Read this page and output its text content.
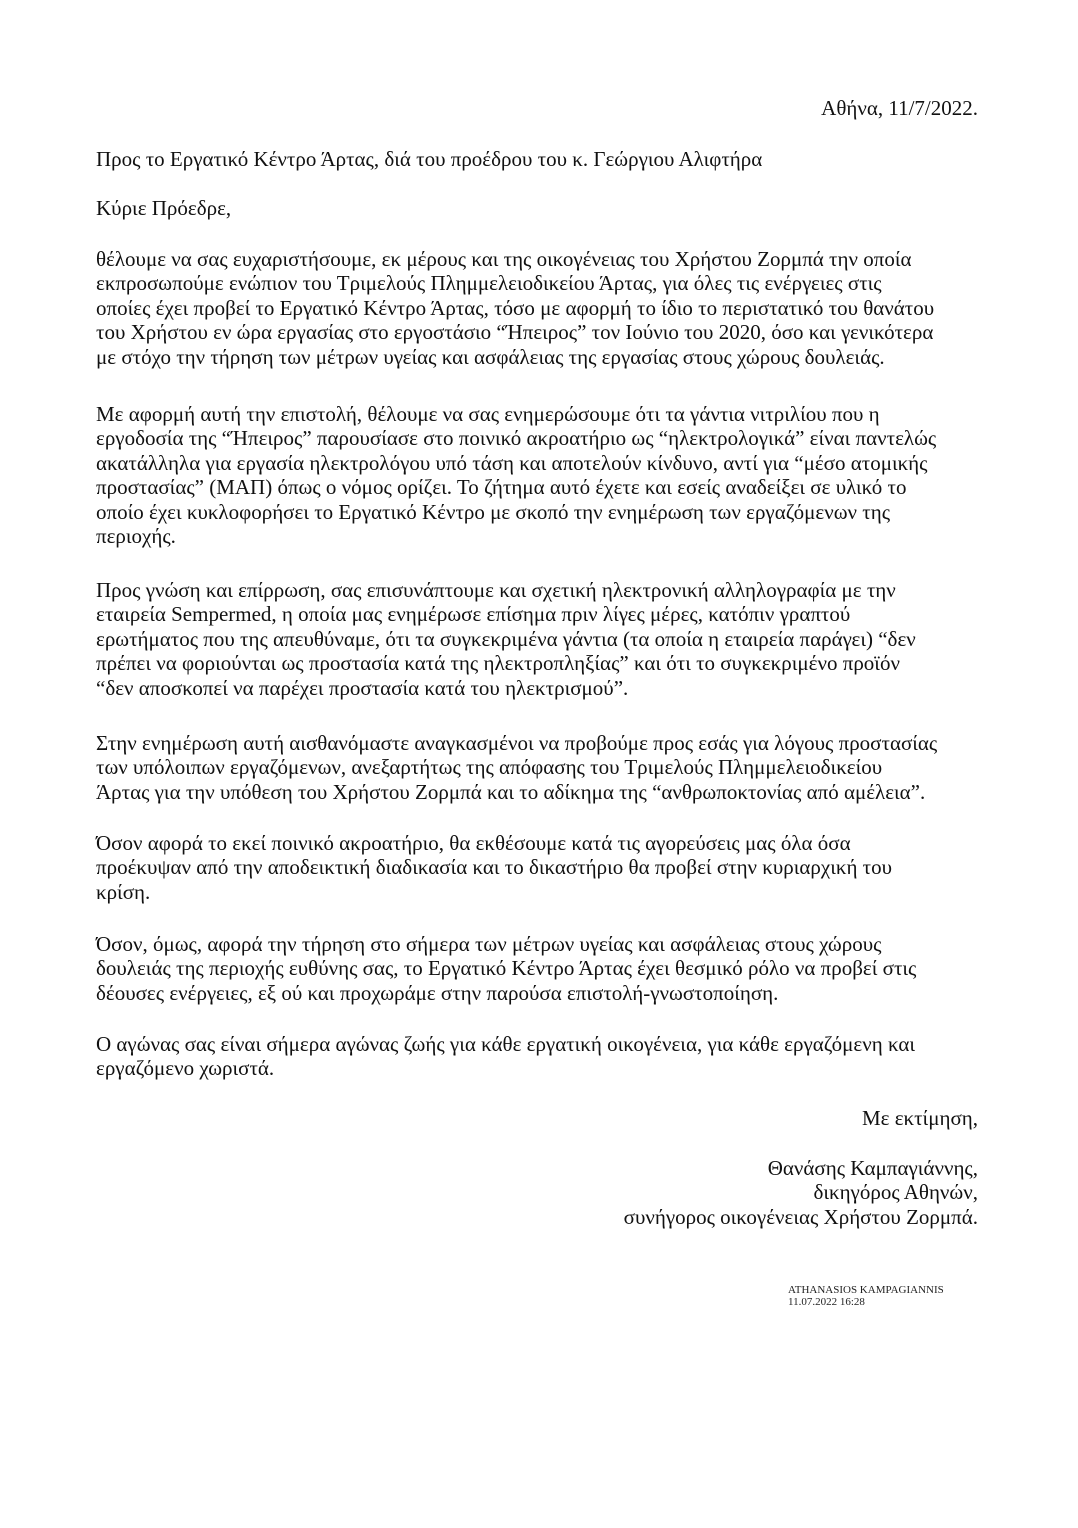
Αθήνα, 11/7/2022.
Προς το Εργατικό Κέντρο Άρτας, διά του προέδρου του κ. Γεώργιου Αλιφτήρα
Κύριε Πρόεδρε,
θέλουμε να σας ευχαριστήσουμε, εκ μέρους και της οικογένειας του Χρήστου Ζορμπά την οποία
εκπροσωπούμε ενώπιον του Τριμελούς Πλημμελειοδικείου Άρτας, για όλες τις ενέργειες στις
οποίες έχει προβεί το Εργατικό Κέντρο Άρτας, τόσο με αφορμή το ίδιο το περιστατικό του θανάτου
του Χρήστου εν ώρα εργασίας στο εργοστάσιο “Ήπειρος” τον Ιούνιο του 2020, όσο και γενικότερα
με στόχο την τήρηση των μέτρων υγείας και ασφάλειας της εργασίας στους χώρους δουλειάς.
Με αφορμή αυτή την επιστολή, θέλουμε να σας ενημερώσουμε ότι τα γάντια νιτριλίου που η
εργοδοσία της “Ήπειρος” παρουσίασε στο ποινικό ακροατήριο ως “ηλεκτρολογικά” είναι παντελώς
ακατάλληλα για εργασία ηλεκτρολόγου υπό τάση και αποτελούν κίνδυνο, αντί για “μέσο ατομικής
προστασίας” (ΜΑΠ) όπως ο νόμος ορίζει. Το ζήτημα αυτό έχετε και εσείς αναδείξει σε υλικό το
οποίο έχει κυκλοφορήσει το Εργατικό Κέντρο με σκοπό την ενημέρωση των εργαζόμενων της
περιοχής.
Προς γνώση και επίρρωση, σας επισυνάπτουμε και σχετική ηλεκτρονική αλληλογραφία με την
εταιρεία Sempermed, η οποία μας ενημέρωσε επίσημα πριν λίγες μέρες, κατόπιν γραπτού
ερωτήματος που της απευθύναμε, ότι τα συγκεκριμένα γάντια (τα οποία η εταιρεία παράγει) “δεν
πρέπει να φοριούνται ως προστασία κατά της ηλεκτροπληξίας” και ότι το συγκεκριμένο προϊόν
“δεν αποσκοπεί να παρέχει προστασία κατά του ηλεκτρισμού”.
Στην ενημέρωση αυτή αισθανόμαστε αναγκασμένοι να προβούμε προς εσάς για λόγους προστασίας
των υπόλοιπων εργαζόμενων, ανεξαρτήτως της απόφασης του Τριμελούς Πλημμελειοδικείου
Άρτας για την υπόθεση του Χρήστου Ζορμπά και το αδίκημα της “ανθρωποκτονίας από αμέλεια”.
Όσον αφορά το εκεί ποινικό ακροατήριο, θα εκθέσουμε κατά τις αγορεύσεις μας όλα όσα
προέκυψαν από την αποδεικτική διαδικασία και το δικαστήριο θα προβεί στην κυριαρχική του
κρίση.
Όσον, όμως, αφορά την τήρηση στο σήμερα των μέτρων υγείας και ασφάλειας στους χώρους
δουλειάς της περιοχής ευθύνης σας, το Εργατικό Κέντρο Άρτας έχει θεσμικό ρόλο να προβεί στις
δέουσες ενέργειες, εξ ού και προχωράμε στην παρούσα επιστολή-γνωστοποίηση.
Ο αγώνας σας είναι σήμερα αγώνας ζωής για κάθε εργατική οικογένεια, για κάθε εργαζόμενη και
εργαζόμενο χωριστά.
Με εκτίμηση,
Θανάσης Καμπαγιάννης,
δικηγόρος Αθηνών,
συνήγορος οικογένειας Χρήστου Ζορμπά.
ATHANASIOS KAMPAGIANNIS
11.07.2022 16:28
